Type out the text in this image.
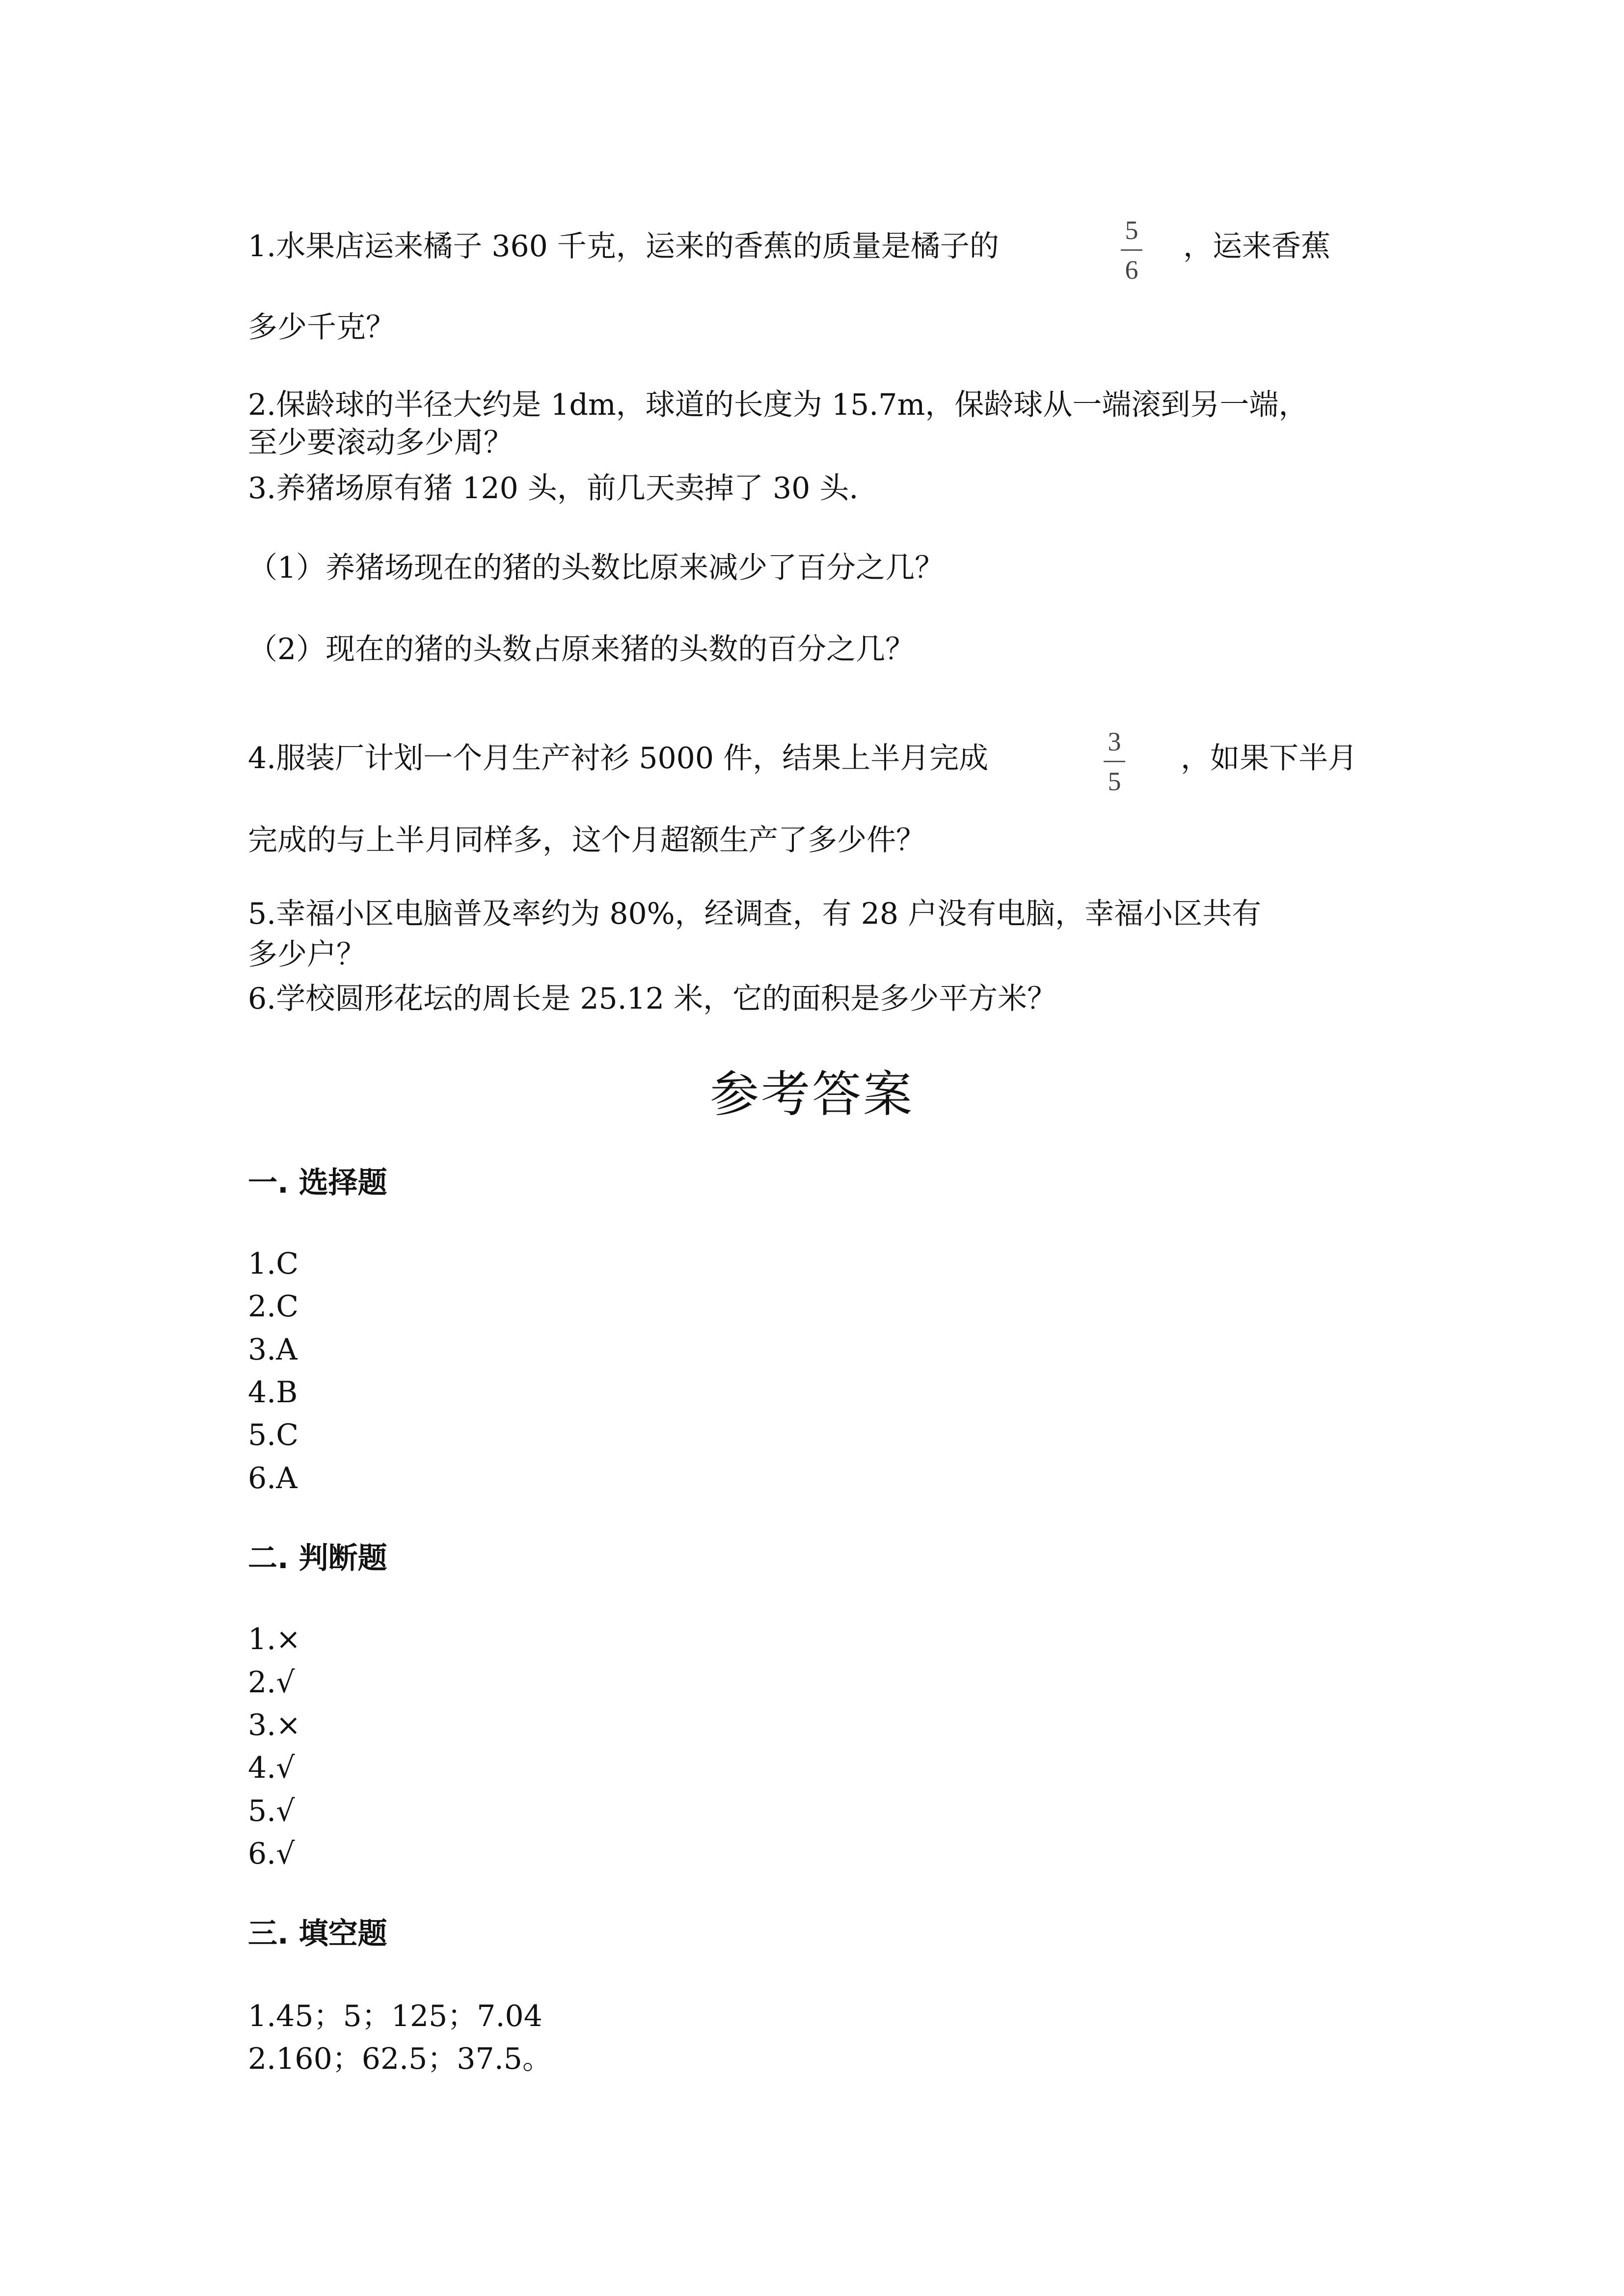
1.水果店运来橘子 360 千克，运来的香蕉的质量是橘子的	5
6
，运来香蕉
多少千克？
2.保龄球的半径大约是 1dm，球道的长度为 15.7m，保龄球从一端滚到另一端，
至少要滚动多少周？
3.养猪场原有猪 120 头，前几天卖掉了 30 头.
（1）养猪场现在的猪的头数比原来减少了百分之几？
（2）现在的猪的头数占原来猪的头数的百分之几？
4.服装厂计划一个月生产衬衫 5000 件，结果上半月完成	3
5
，如果下半月
完成的与上半月同样多，这个月超额生产了多少件？
5.幸福小区电脑普及率约为 80%，经调查，有 28 户没有电脑，幸福小区共有
多少户？
6.学校圆形花坛的周长是 25.12 米，它的面积是多少平方米？
参考答案
一. 选择题
1.C
2.C
3.A
4.B
5.C
6.A
二. 判断题
1.×
2.√
3.×
4.√
5.√
6.√
三. 填空题
1.45；5；125；7.04
2.160；62.5；37.5。
